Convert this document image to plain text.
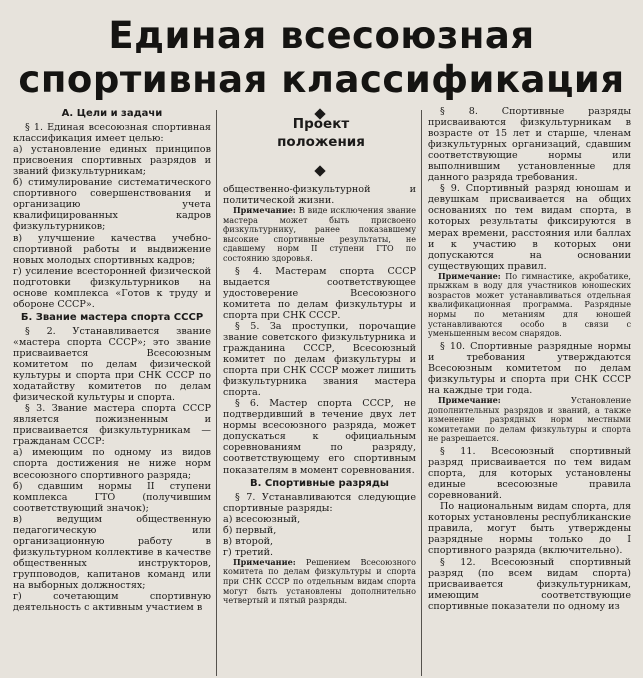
Единая всесоюзная
спортивная классификация
Проект
положения
А. Цели и задачи

§ 1. Единая всесоюзная спортивная классификация имеет целью:

а) установление единых принципов присвоения спортивных разрядов и званий физкультурникам;

б) стимулирование систематического спортивного совершенствования и организацию учета квалифицированных кадров физкультурников;

в) улучшение качества учебно-спортивной работы и выдвижение новых молодых спортивных кадров;

г) усиление всесторонней физической подготовки физкультурников на основе комплекса «Готов к труду и обороне СССР».

Б. Звание мастера спорта СССР

§ 2. Устанавливается звание «мастера спорта СССР»; это звание присваивается Всесоюзным комитетом по делам физической культуры и спорта при СНК СССР по ходатайству комитетов по делам физической культуры и спорта.

§ 3. Звание мастера спорта СССР является пожизненным и присваивается физкультурникам — гражданам СССР:

а) имеющим по одному из видов спорта достижения не ниже норм всесоюзного спортивного разряда;

б) сдавшим нормы II ступени комплекса ГТО (получившим соответствующий значок);

в) ведущим общественную педагогическую или организационную работу в физкультурном коллективе в качестве общественных инструкторов, групповодов, капитанов команд или на выборных должностях;

г) сочетающим спортивную деятельность с активным участием в

общественно-физкультурной и политической жизни.

Примечание: В виде исключения звание мастера может быть присвоено физкультурнику, ранее показавшему высокие спортивные результаты, не сдавшему норм II ступени ГТО по состоянию здоровья.

§ 4. Мастерам спорта СССР выдается соответствующее удостоверение Всесоюзного комитета по делам физкультуры и спорта при СНК СССР.

§ 5. За проступки, порочащие звание советского физкультурника и гражданина СССР, Всесоюзный комитет по делам физкультуры и спорта при СНК СССР может лишить физкультурника звания мастера спорта.

§ 6. Мастер спорта СССР, не подтвердивший в течение двух лет нормы всесоюзного разряда, может допускаться к официальным соревнованиям по разряду, соответствующему его спортивным показателям в момент соревнования.

В. Спортивные разряды

§ 7. Устанавливаются следующие спортивные разряды:

а) всесоюзный,

б) первый,

в) второй,

г) третий.

Примечание: Решением Всесоюзного комитета по делам физкультуры и спорта при СНК СССР по отдельным видам спорта могут быть установлены дополнительно четвертый и пятый разряды.

§ 8. Спортивные разряды присваиваются физкультурникам в возрасте от 15 лет и старше, членам физкультурных организаций, сдавшим соответствующие нормы или выполнившим установленные для данного разряда требования.

§ 9. Спортивный разряд юношам и девушкам присваивается на общих основаниях по тем видам спорта, в которых результаты фиксируются в мерах времени, расстояния или баллах и к участию в которых они допускаются на основании существующих правил.

Примечание: По гимнастике, акробатике, прыжкам в воду для участников юношеских возрастов может устанавливаться отдельная квалификационная программа. Разрядные нормы по метаниям для юношей устанавливаются особо в связи с уменьшенным весом снарядов.

§ 10. Спортивные разрядные нормы и требования утверждаются Всесоюзным комитетом по делам физкультуры и спорта при СНК СССР на каждые три года.

Примечание:	Установление дополнительных разрядов и званий, а также изменение разрядных норм местными комитетами по делам физкультуры и спорта не разрешается.

§ 11. Всесоюзный спортивный разряд присваивается по тем видам спорта, для которых установлены единые всесоюзные правила соревнований.

По национальным видам спорта, для которых установлены республиканские правила, могут быть утверждены разрядные нормы только до I спортивного разряда (включительно).

§ 12. Всесоюзный спортивный разряд (по всем видам спорта) присваивается физкультурникам, имеющим соответствующие спортивные показатели по одному из
